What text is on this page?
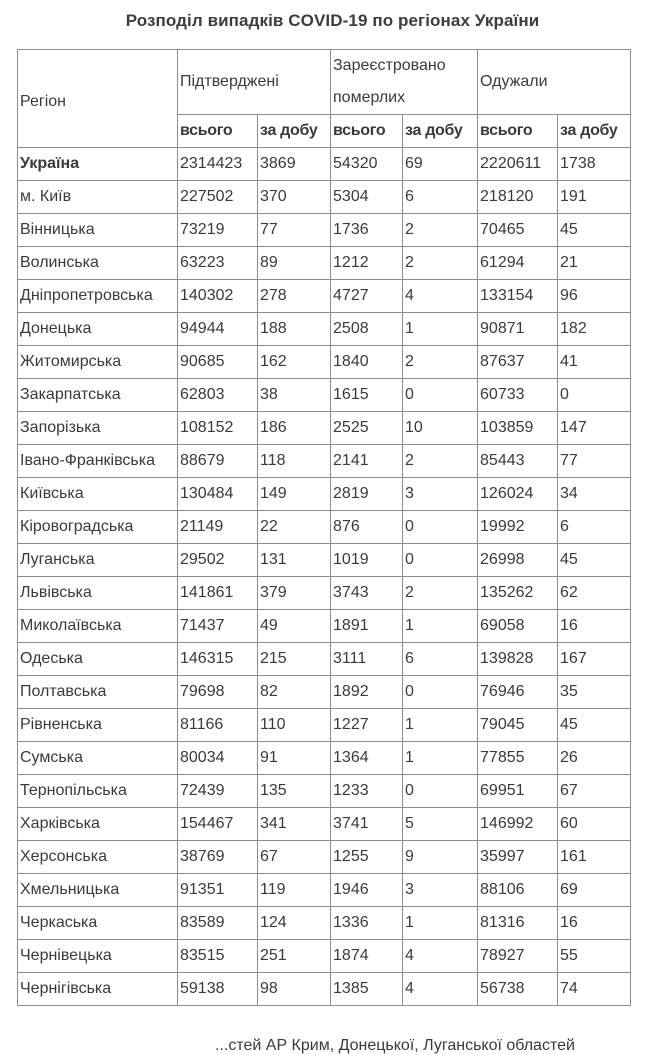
Розподіл випадків COVID-19 по регіонах України
Регіон	Підтверджені		Зареєстровано померлих		Одужали	
	всього	за добу	всього	за добу	всього	за добу
Україна	2314423	3869	54320	69	2220611	1738
м. Київ	227502	370	5304	6	218120	191
Вінницька	73219	77	1736	2	70465	45
Волинська	63223	89	1212	2	61294	21
Дніпропетровська	140302	278	4727	4	133154	96
Донецька	94944	188	2508	1	90871	182
Житомирська	90685	162	1840	2	87637	41
Закарпатська	62803	38	1615	0	60733	0
Запорізька	108152	186	2525	10	103859	147
Івано-​Франківська	88679	118	2141	2	85443	77
Київська	130484	149	2819	3	126024	34
Кіровоградська	21149	22	876	0	19992	6
Луганська	29502	131	1019	0	26998	45
Львівська	141861	379	3743	2	135262	62
Миколаївська	71437	49	1891	1	69058	16
Одеська	146315	215	3111	6	139828	167
Полтавська	79698	82	1892	0	76946	35
Рівненська	81166	110	1227	1	79045	45
Сумська	80034	91	1364	1	77855	26
Тернопільська	72439	135	1233	0	69951	67
Харківська	154467	341	3741	5	146992	60
Херсонська	38769	67	1255	9	35997	161
Хмельницька	91351	119	1946	3	88106	69
Черкаська	83589	124	1336	1	81316	16
Чернівецька	83515	251	1874	4	78927	55
Чернігівська	59138	98	1385	4	56738	74
...стей АР Крим, Донецької, Луганської областей
